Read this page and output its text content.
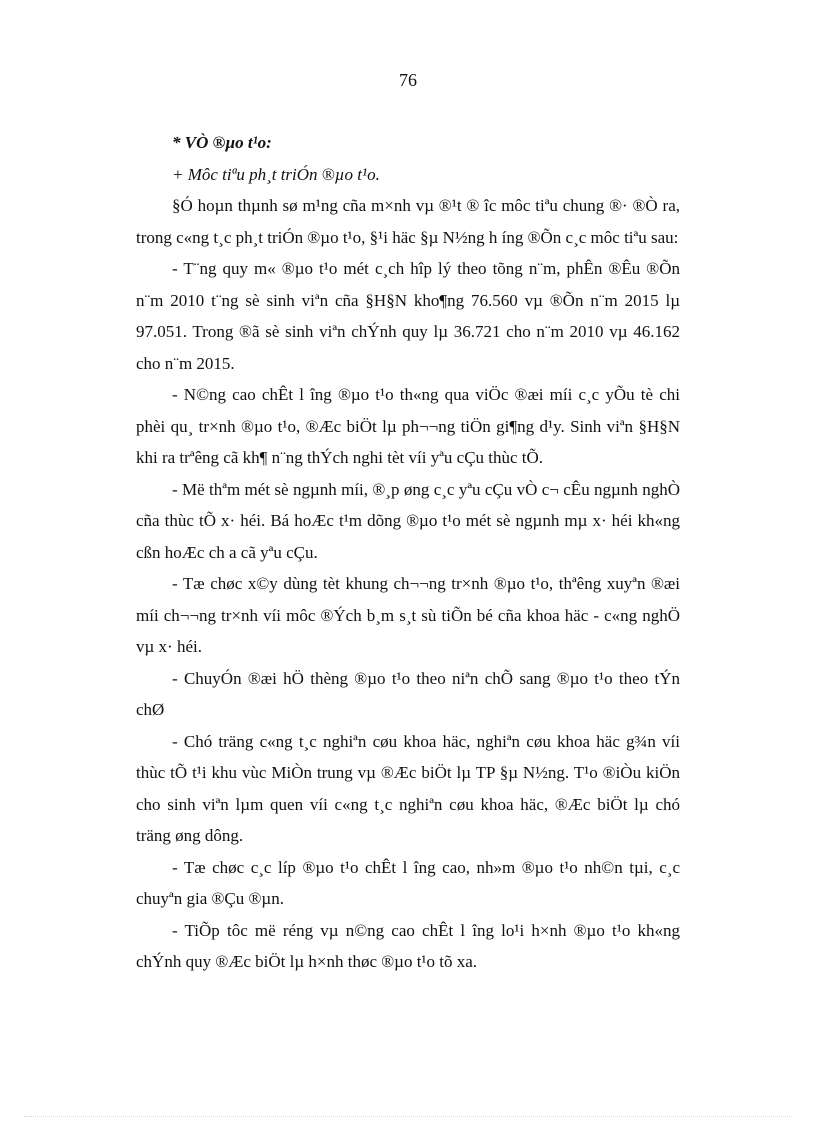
76

* VÒ ®µo t¹o:

+ Môc tiªu ph¸t triÓn ®µo t¹o.

§Ó hoµn thµnh sø m¹ng cña m×nh vµ ®¹t ® îc môc tiªu chung ®· ®Ò ra, trong c«ng t¸c ph¸t triÓn ®µo t¹o, §¹i häc §µ N½ng h íng ®Õn c¸c môc tiªu sau:

- T¨ng quy m« ®µo t¹o mét c¸ch hîp lý theo tõng n¨m, phÊn ®Êu ®Õn n¨m 2010 t¨ng sè sinh viªn cña §H§N kho¶ng 76.560 vµ ®Õn n¨m 2015 lµ 97.051. Trong ®ã sè sinh viªn chÝnh quy lµ 36.721 cho n¨m 2010 vµ 46.162 cho n¨m 2015.

- N©ng cao chÊt l îng ®µo t¹o th«ng qua viÖc ®æi míi c¸c yÕu tè chi phèi qu¸ tr×nh ®µo t¹o, ®Æc biÖt lµ ph¬¬ng tiÖn gi¶ng d¹y. Sinh viªn §H§N khi ra trªêng cã kh¶ n¨ng thÝch nghi tèt víi yªu cÇu thùc tÕ.

- Më thªm mét sè ngµnh míi, ®¸p øng c¸c yªu cÇu vÒ c¬ cÊu ngµnh nghÒ cña thùc tÕ x· héi. Bá hoÆc t¹m dõng ®µo t¹o mét sè ngµnh mµ x· héi kh«ng cßn hoÆc ch a cã yªu cÇu.

- Tæ chøc x©y dùng tèt khung ch¬¬ng tr×nh ®µo t¹o, thªêng xuyªn ®æi míi ch¬¬ng tr×nh víi môc ®Ých b¸m s¸t sù tiÕn bé cña khoa häc - c«ng nghÖ vµ x· héi.

- ChuyÓn ®æi hÖ thèng ®µo t¹o theo niªn chÕ sang ®µo t¹o theo tÝn chØ

- Chó träng c«ng t¸c nghiªn cøu khoa häc, nghiªn cøu khoa häc g¾n víi thùc tÕ t¹i khu vùc MiÒn trung vµ ®Æc biÖt lµ TP §µ N½ng. T¹o ®iÒu kiÖn cho sinh viªn lµm quen víi c«ng t¸c nghiªn cøu khoa häc, ®Æc biÖt lµ chó träng øng dông.

- Tæ chøc c¸c líp ®µo t¹o chÊt l îng cao, nh»m ®µo t¹o nh©n tµi, c¸c chuyªn gia ®Çu ®µn.

- TiÕp tôc më réng vµ n©ng cao chÊt l îng lo¹i h×nh ®µo t¹o kh«ng chÝnh quy ®Æc biÖt lµ h×nh thøc ®µo t¹o tõ xa.
